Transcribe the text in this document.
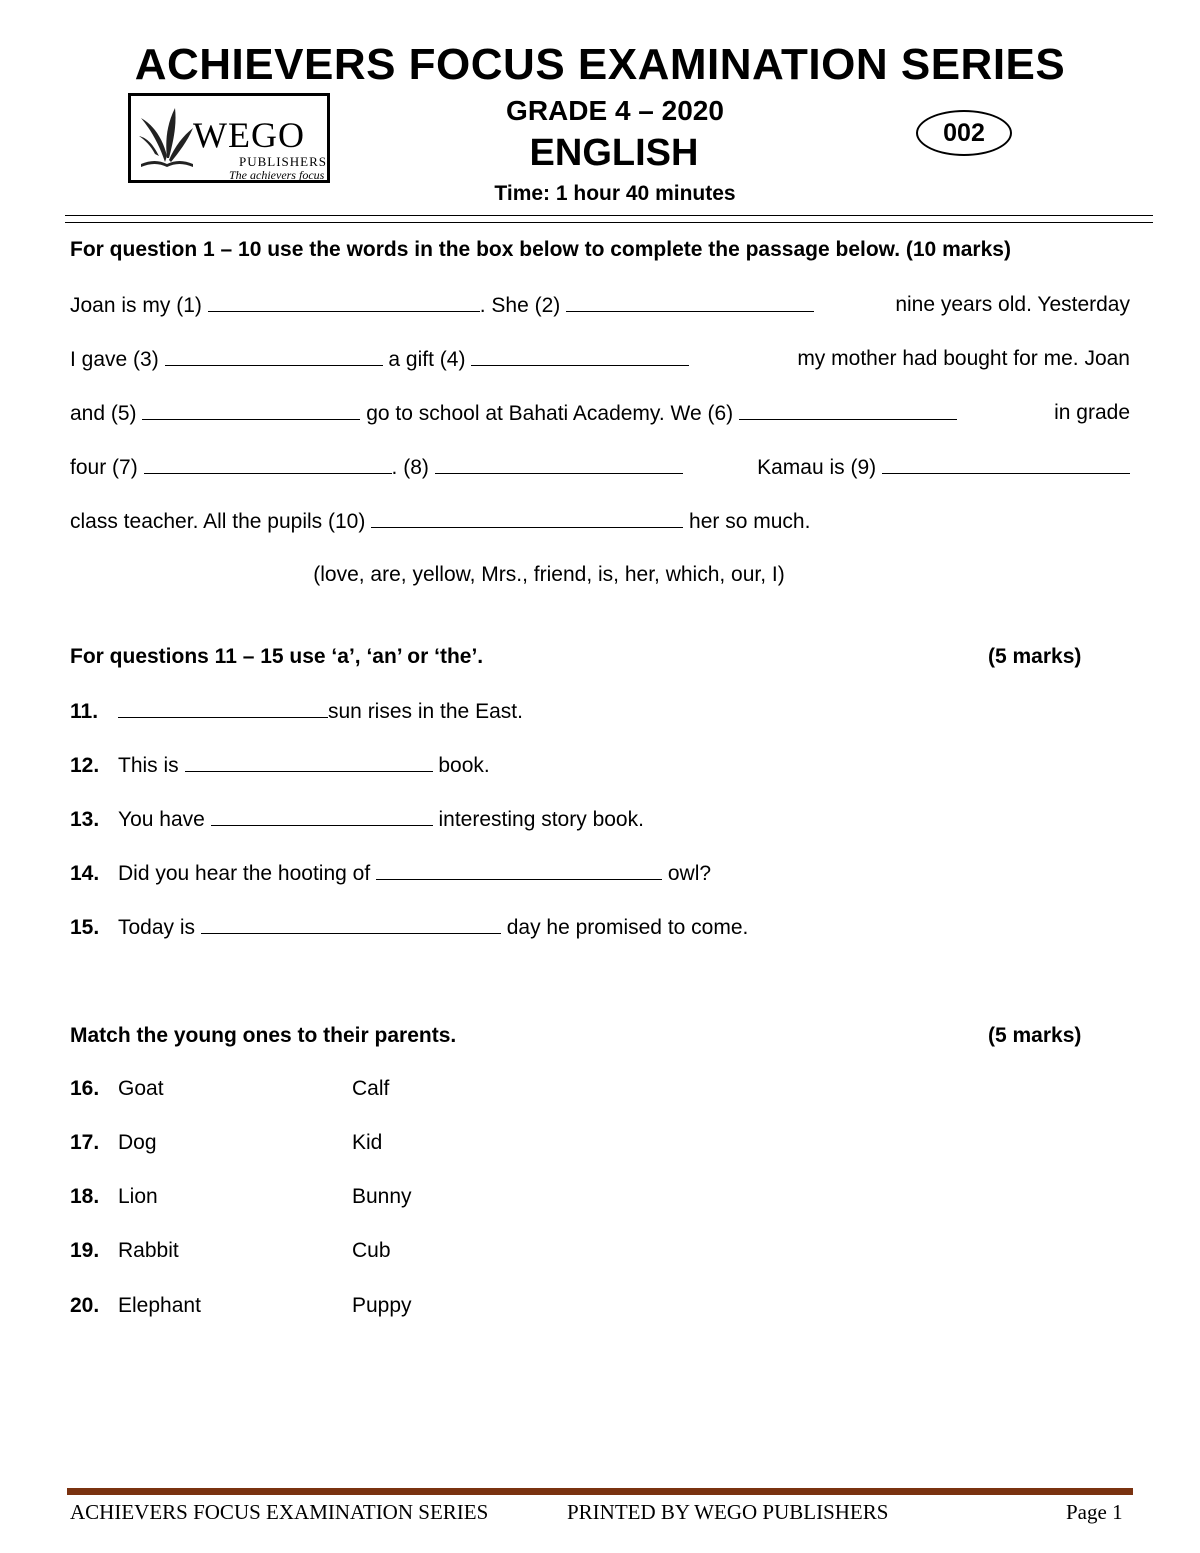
ACHIEVERS FOCUS EXAMINATION SERIES
WEGO
PUBLISHERS
The achievers focus
GRADE 4 – 2020
ENGLISH
Time: 1 hour 40 minutes
002
For question 1 – 10 use the words in the box below to complete the passage below. (10 marks)
Joan is my (1)	. She (2)	nine years old. Yesterday
I gave (3)	a gift (4)	my mother had bought for me. Joan
and (5)	go to school at Bahati Academy. We (6)	in grade
four (7)	. (8)	Kamau is (9)
class teacher. All the pupils (10)	her so much.
(love, are, yellow, Mrs., friend, is, her, which, our, I)
For questions 11 – 15 use ‘a’, ‘an’ or ‘the’.	(5 marks)
11.	sun rises in the East.
12. This is	book.
13. You have	interesting story book.
14. Did you hear the hooting of	owl?
15. Today is	day he promised to come.
Match the young ones to their parents.	(5 marks)
16. Goat	Calf
17. Dog	Kid
18. Lion	Bunny
19. Rabbit	Cub
20. Elephant	Puppy
ACHIEVERS FOCUS EXAMINATION SERIES	PRINTED BY WEGO PUBLISHERS	Page 1
